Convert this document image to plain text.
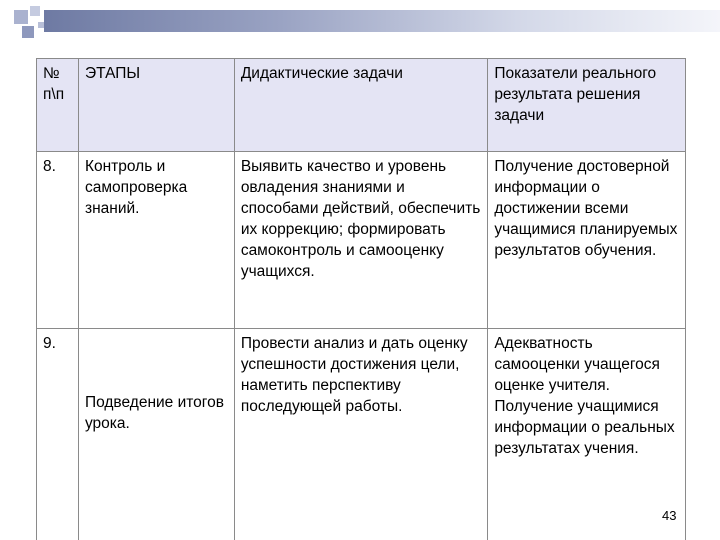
№
п\п	ЭТАПЫ	Дидактические задачи	Показатели реального результата решения задачи
8.	Контроль и самопроверка знаний.	Выявить качество и уровень овладения знаниями и способами действий, обеспечить их коррекцию; формировать самоконтроль и самооценку учащихся.	Получение достоверной информации о достижении всеми учащимися планируемых результатов обучения.
9.	Подведение итогов урока.	Провести анализ и дать оценку успешности достижения цели, наметить перспективу последующей работы.	Адекватность самооценки учащегося оценке учителя. Получение учащимися информации о реальных результатах учения.
43
